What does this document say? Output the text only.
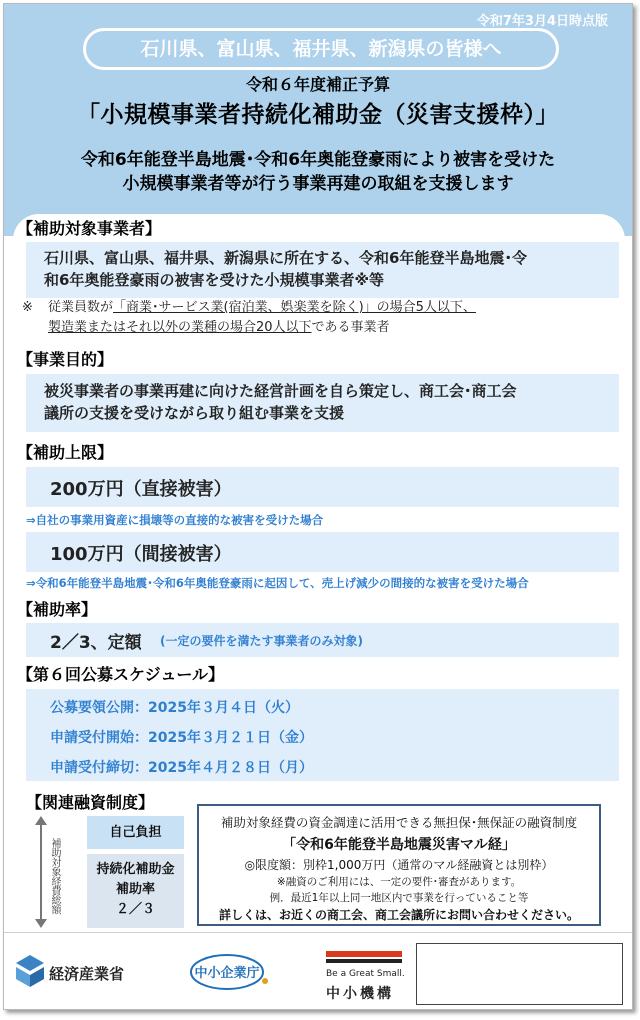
令和7年3月4日時点版
石川県、富山県、福井県、新潟県の皆様へ
令和６年度補正予算
「小規模事業者持続化補助金（災害支援枠）」
令和6年能登半島地震･令和6年奥能登豪雨により被害を受けた
小規模事業者等が行う事業再建の取組を支援します
【補助対象事業者】
石川県、富山県、福井県、新潟県に所在する、令和6年能登半島地震･令
和6年奥能登豪雨の被害を受けた小規模事業者※等
※ 従業員数が「商業･サービス業(宿泊業、娯楽業を除く)」の場合5人以下、
製造業またはそれ以外の業種の場合20人以下である事業者
【事業目的】
被災事業者の事業再建に向けた経営計画を自ら策定し、商工会･商工会
議所の支援を受けながら取り組む事業を支援
【補助上限】
200万円（直接被害）
⇒自社の事業用資産に損壊等の直接的な被害を受けた場合
100万円（間接被害）
⇒令和6年能登半島地震･令和6年奥能登豪雨に起因して、売上げ減少の間接的な被害を受けた場合
【補助率】
2／3、定額 (一定の要件を満たす事業者のみ対象)
【第６回公募スケジュール】
公募要領公開：2025年３月４日（火）
申請受付開始：2025年３月２１日（金）
申請受付締切：2025年４月２８日（月）
【関連融資制度】
補助対象経費総額
自己負担
持続化補助金
補助率
２／３
補助対象経費の資金調達に活用できる無担保･無保証の融資制度
「令和6年能登半島地震災害マル経」
◎限度額：別枠1,000万円（通常のマル経融資とは別枠）
※融資のご利用には、一定の要件･審査があります。
例．最近1年以上同一地区内で事業を行っていること等
詳しくは、お近くの商工会、商工会議所にお問い合わせください。
経済産業省	中小企業庁	Be a Great Small.
中小機構
